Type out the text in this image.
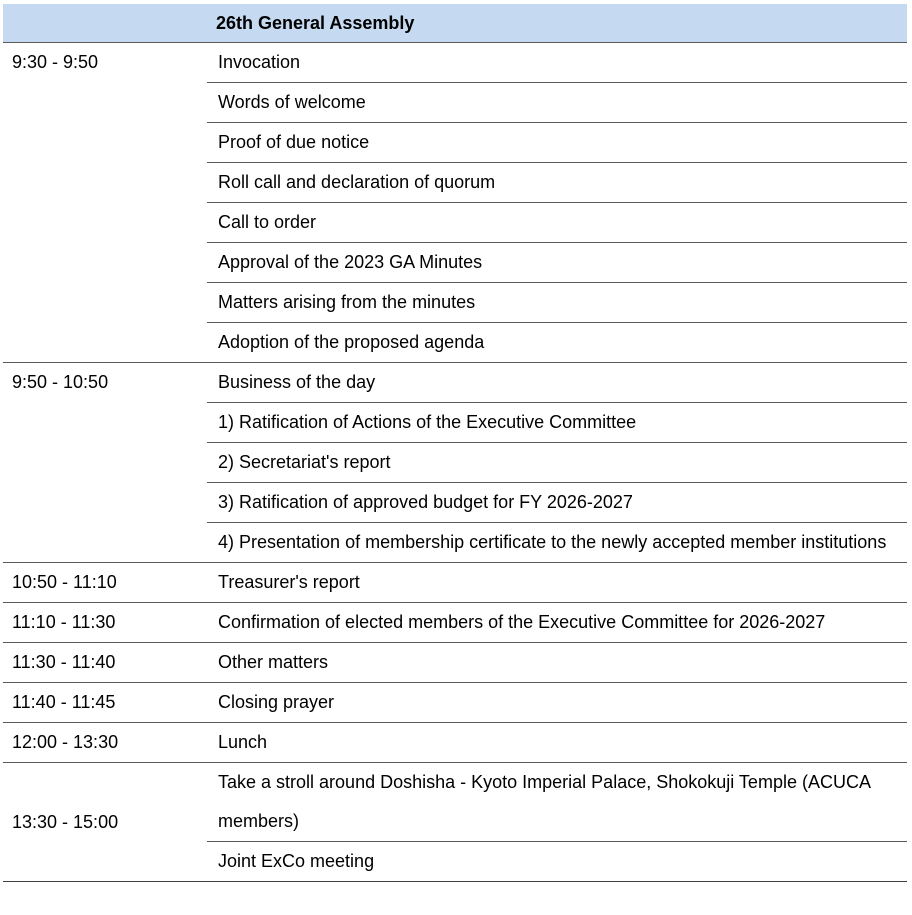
	26th General Assembly
9:30 - 9:50	Invocation
	Words of welcome
	Proof of due notice
	Roll call and declaration of quorum
	Call to order
	Approval of the 2023 GA Minutes
	Matters arising from the minutes
	Adoption of the proposed agenda
9:50 - 10:50	Business of the day
	1) Ratification of Actions of the Executive Committee
	2) Secretariat's report
	3) Ratification of approved budget for FY 2026-2027
	4) Presentation of membership certificate to the newly accepted member institutions
10:50 - 11:10	Treasurer's report
11:10 - 11:30	Confirmation of elected members of the Executive Committee for 2026-2027
11:30 - 11:40	Other matters
11:40 - 11:45	Closing prayer
12:00 - 13:30	Lunch
13:30 - 15:00	Take a stroll around Doshisha - Kyoto Imperial Palace, Shokokuji Temple (ACUCA members)
	Joint ExCo meeting
